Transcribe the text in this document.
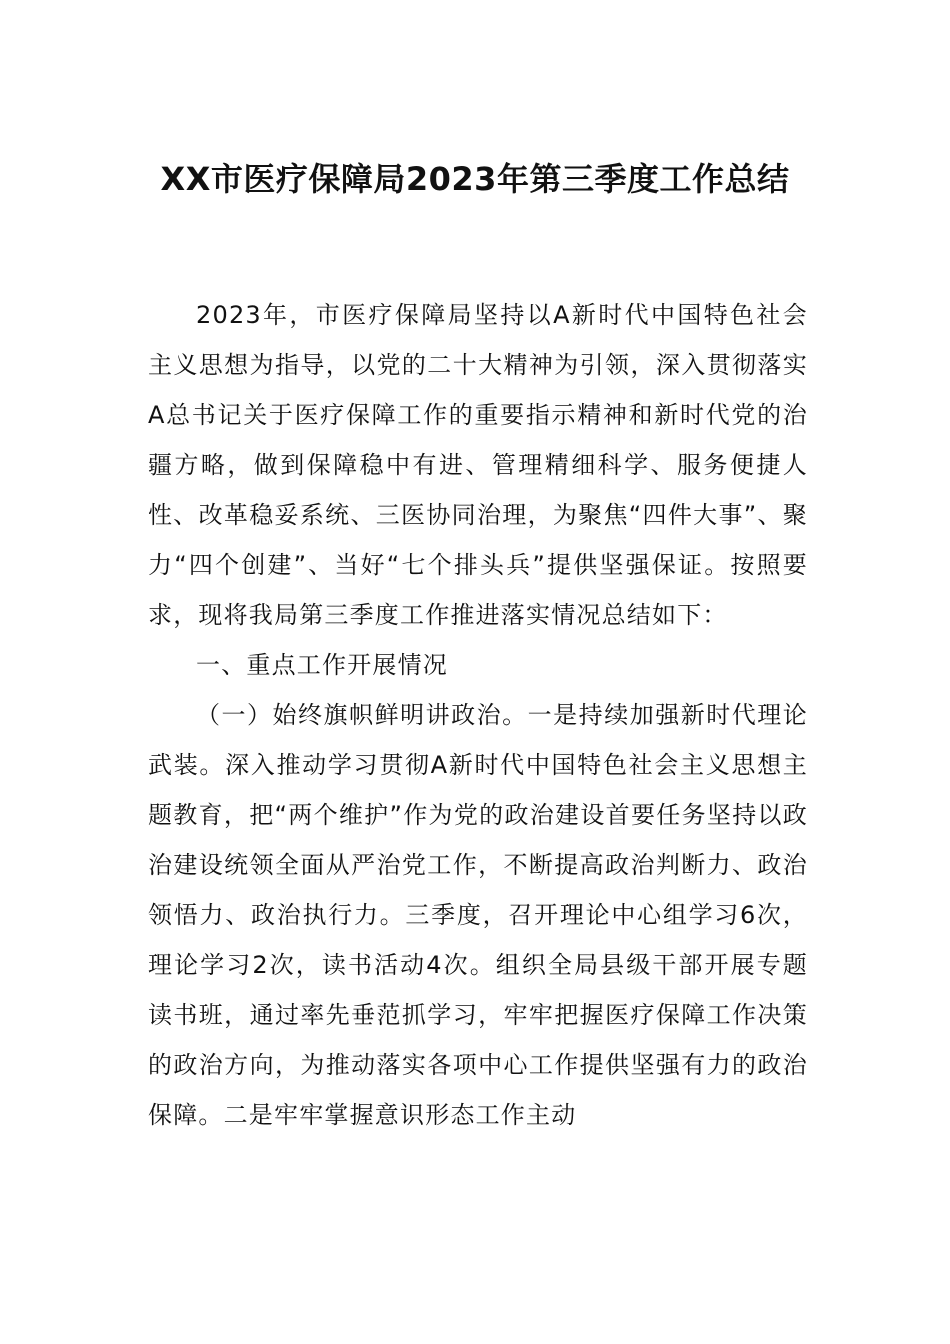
XX市医疗保障局2023年第三季度工作总结

2023年，市医疗保障局坚持以A新时代中国特色社会主义思想为指导，以党的二十大精神为引领，深入贯彻落实A总书记关于医疗保障工作的重要指示精神和新时代党的治疆方略，做到保障稳中有进、管理精细科学、服务便捷人性、改革稳妥系统、三医协同治理，为聚焦“四件大事”、聚力“四个创建”、当好“七个排头兵”提供坚强保证。按照要求，现将我局第三季度工作推进落实情况总结如下：

一、重点工作开展情况

（一）始终旗帜鲜明讲政治。一是持续加强新时代理论武装。深入推动学习贯彻A新时代中国特色社会主义思想主题教育，把“两个维护”作为党的政治建设首要任务坚持以政治建设统领全面从严治党工作，不断提高政治判断力、政治领悟力、政治执行力。三季度，召开理论中心组学习6次，理论学习2次，读书活动4次。组织全局县级干部开展专题读书班，通过率先垂范抓学习，牢牢把握医疗保障工作决策的政治方向，为推动落实各项中心工作提供坚强有力的政治保障。二是牢牢掌握意识形态工作主动
